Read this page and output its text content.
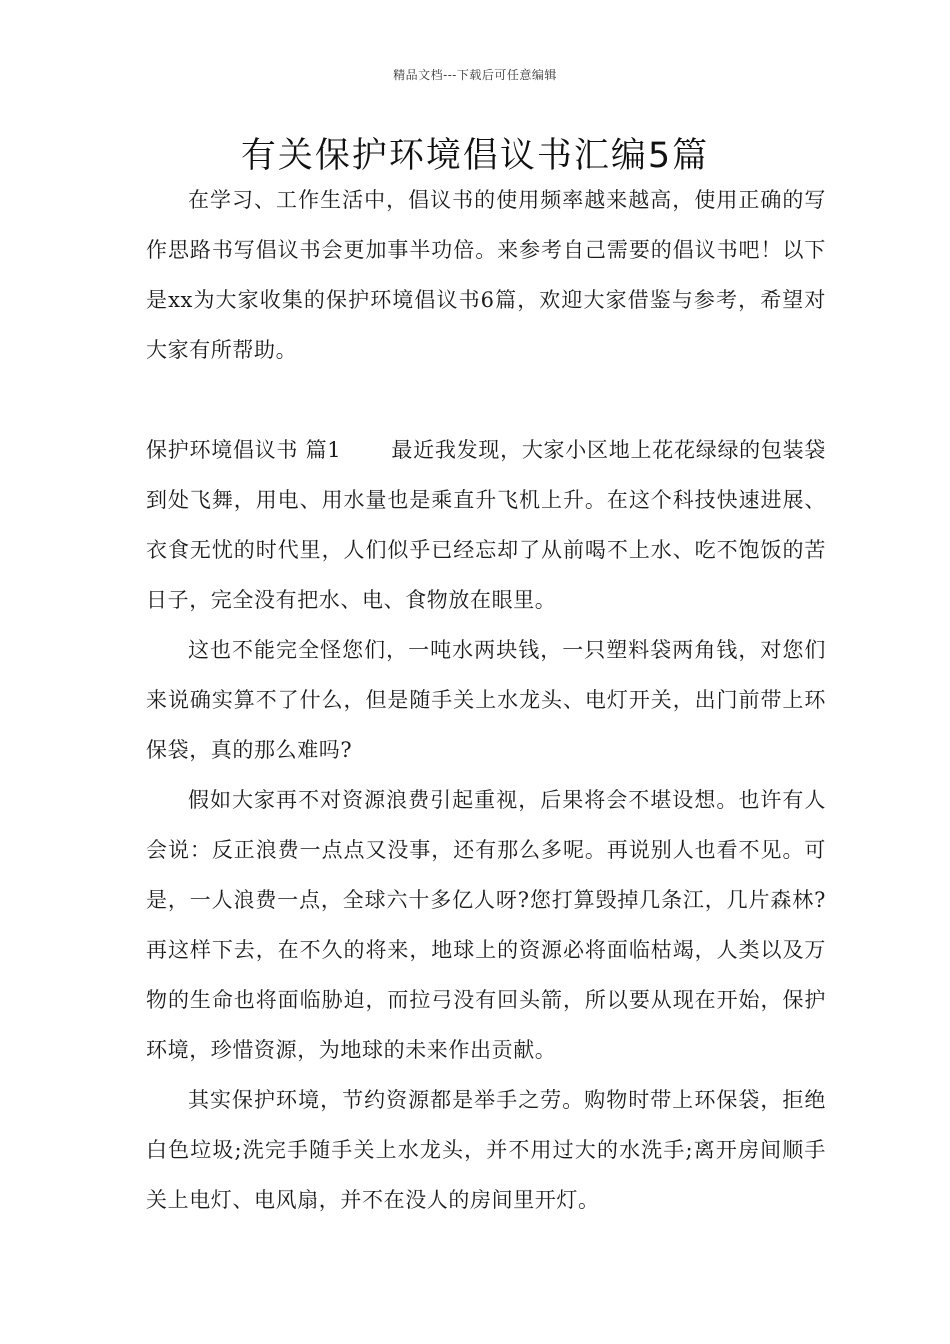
精品文档---下载后可任意编辑
有关保护环境倡议书汇编5篇

在学习、工作生活中，倡议书的使用频率越来越高，使用正确的写作思路书写倡议书会更加事半功倍。来参考自己需要的倡议书吧！以下是xx为大家收集的保护环境倡议书6篇，欢迎大家借鉴与参考，希望对大家有所帮助。

保护环境倡议书 篇1 最近我发现，大家小区地上花花绿绿的包装袋到处飞舞，用电、用水量也是乘直升飞机上升。在这个科技快速进展、衣食无忧的时代里，人们似乎已经忘却了从前喝不上水、吃不饱饭的苦日子，完全没有把水、电、食物放在眼里。

这也不能完全怪您们，一吨水两块钱，一只塑料袋两角钱，对您们来说确实算不了什么，但是随手关上水龙头、电灯开关，出门前带上环保袋，真的那么难吗?

假如大家再不对资源浪费引起重视，后果将会不堪设想。也许有人会说：反正浪费一点点又没事，还有那么多呢。再说别人也看不见。可是，一人浪费一点，全球六十多亿人呀?您打算毁掉几条江，几片森林?再这样下去，在不久的将来，地球上的资源必将面临枯竭，人类以及万物的生命也将面临胁迫，而拉弓没有回头箭，所以要从现在开始，保护环境，珍惜资源，为地球的未来作出贡献。

其实保护环境，节约资源都是举手之劳。购物时带上环保袋，拒绝白色垃圾;洗完手随手关上水龙头，并不用过大的水洗手;离开房间顺手关上电灯、电风扇，并不在没人的房间里开灯。
